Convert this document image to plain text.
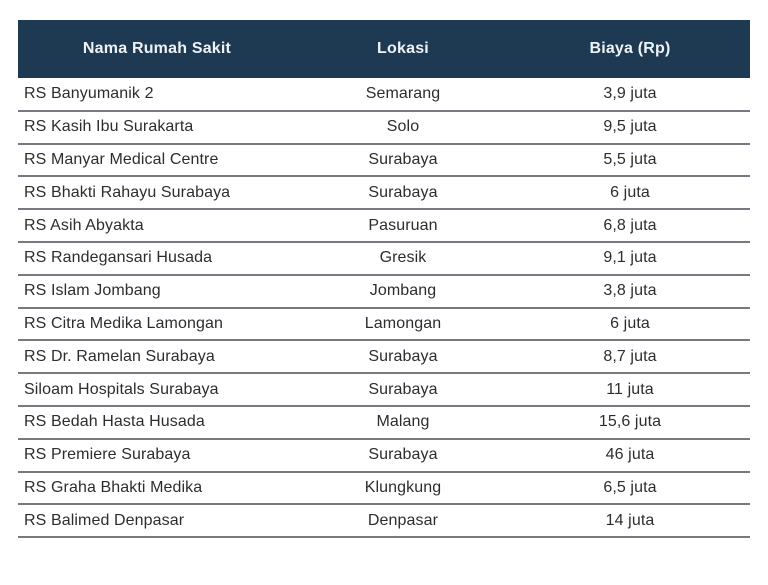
Nama Rumah Sakit	Lokasi	Biaya (Rp)
RS Banyumanik 2	Semarang	3,9 juta
RS Kasih Ibu Surakarta	Solo	9,5 juta
RS Manyar Medical Centre	Surabaya	5,5 juta
RS Bhakti Rahayu Surabaya	Surabaya	6 juta
RS Asih Abyakta	Pasuruan	6,8 juta
RS Randegansari Husada	Gresik	9,1 juta
RS Islam Jombang	Jombang	3,8 juta
RS Citra Medika Lamongan	Lamongan	6 juta
RS Dr. Ramelan Surabaya	Surabaya	8,7 juta
Siloam Hospitals Surabaya	Surabaya	11 juta
RS Bedah Hasta Husada	Malang	15,6 juta
RS Premiere Surabaya	Surabaya	46 juta
RS Graha Bhakti Medika	Klungkung	6,5 juta
RS Balimed Denpasar	Denpasar	14 juta
